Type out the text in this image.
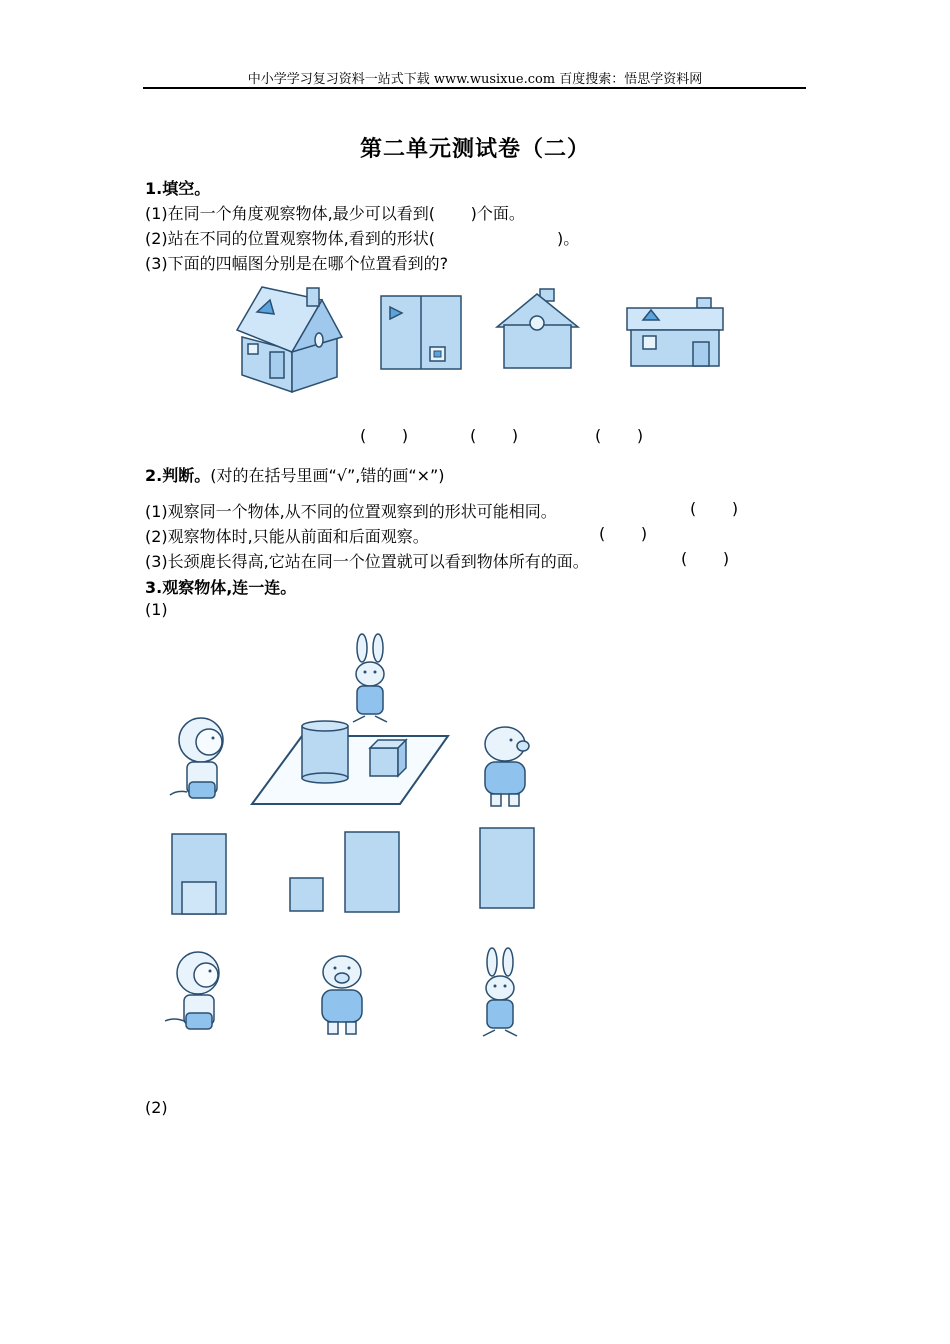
中小学学习复习资料一站式下载 www.wusixue.com 百度搜索：悟思学资料网
第二单元测试卷（二）
1.填空。
(1)在同一个角度观察物体,最少可以看到(       )个面。
(2)站在不同的位置观察物体,看到的形状(                        )。
(3)下面的四幅图分别是在哪个位置看到的?
(       )	(       )	(       )
2.判断。(对的在括号里画“√”,错的画“×”)
(1)观察同一个物体,从不同的位置观察到的形状可能相同。	(       )
(2)观察物体时,只能从前面和后面观察。	(       )
(3)长颈鹿长得高,它站在同一个位置就可以看到物体所有的面。	(       )
3.观察物体,连一连。
(1)
(2)
